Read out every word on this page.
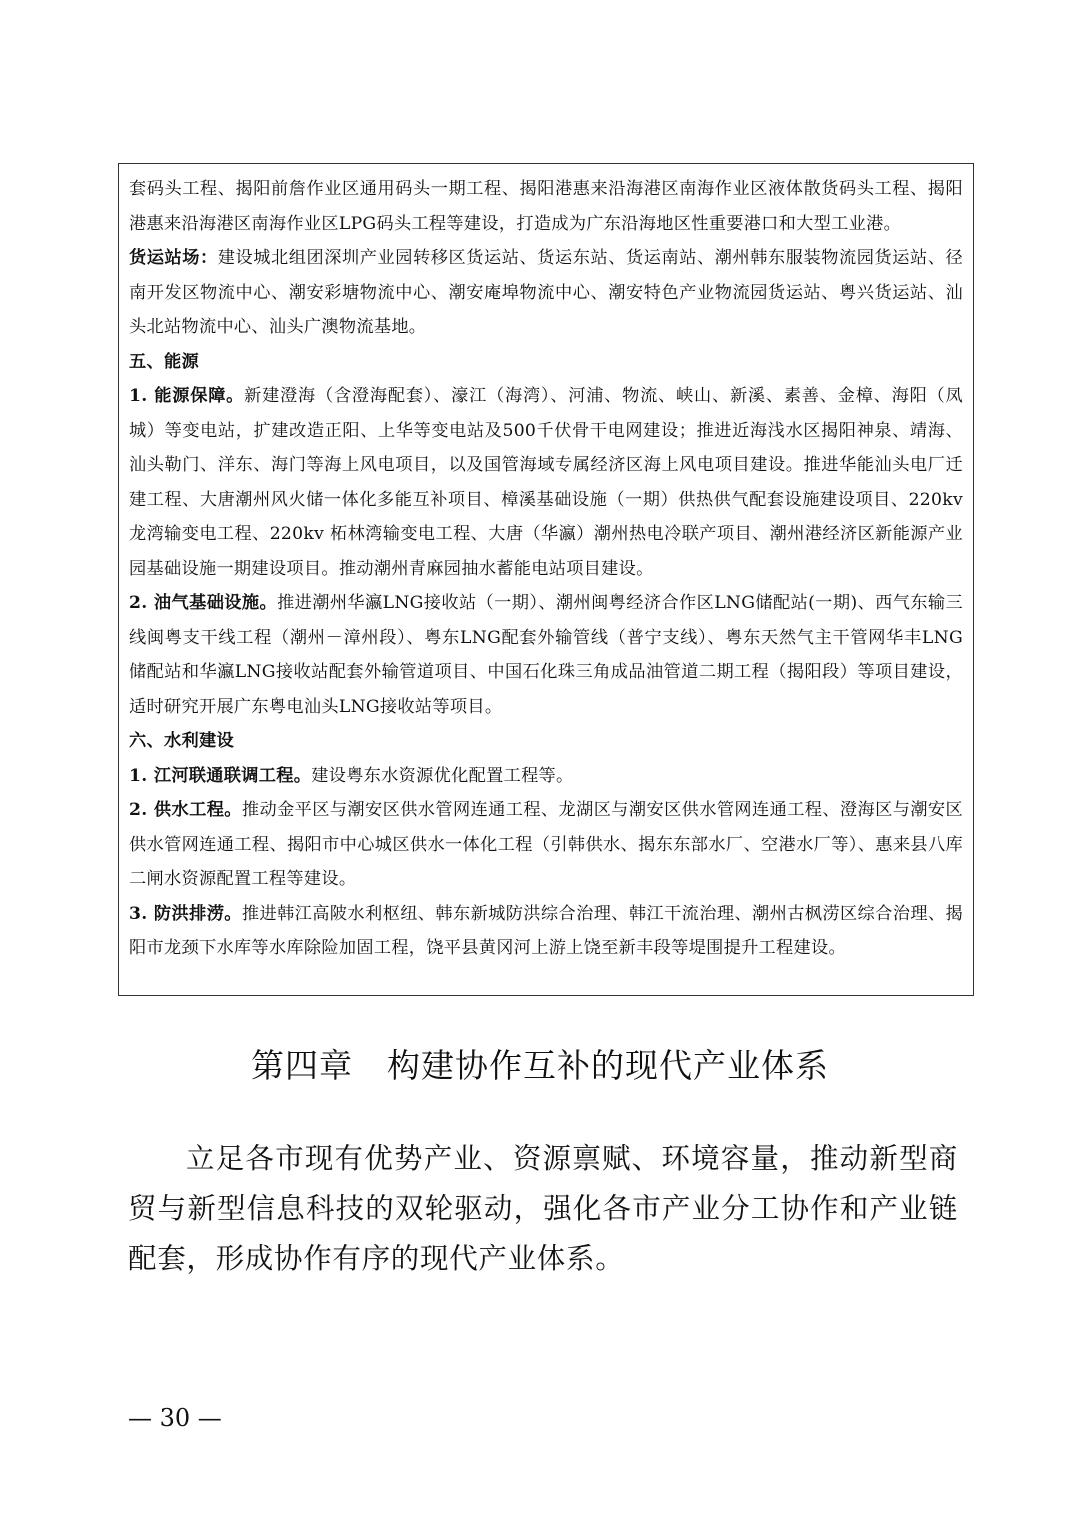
套码头工程、揭阳前詹作业区通用码头一期工程、揭阳港惠来沿海港区南海作业区液体散货码头工程、揭阳港惠来沿海港区南海作业区LPG码头工程等建设，打造成为广东沿海地区性重要港口和大型工业港。

货运站场：建设城北组团深圳产业园转移区货运站、货运东站、货运南站、潮州韩东服装物流园货运站、径南开发区物流中心、潮安彩塘物流中心、潮安庵埠物流中心、潮安特色产业物流园货运站、粤兴货运站、汕头北站物流中心、汕头广澳物流基地。

五、能源

1. 能源保障。新建澄海（含澄海配套）、濠江（海湾）、河浦、物流、峡山、新溪、素善、金樟、海阳（凤城）等变电站，扩建改造正阳、上华等变电站及500千伏骨干电网建设；推进近海浅水区揭阳神泉、靖海、汕头勒门、洋东、海门等海上风电项目，以及国管海域专属经济区海上风电项目建设。推进华能汕头电厂迁建工程、大唐潮州风火储一体化多能互补项目、樟溪基础设施（一期）供热供气配套设施建设项目、220kv 龙湾输变电工程、220kv 柘林湾输变电工程、大唐（华瀛）潮州热电冷联产项目、潮州港经济区新能源产业园基础设施一期建设项目。推动潮州青麻园抽水蓄能电站项目建设。

2. 油气基础设施。推进潮州华瀛LNG接收站（一期）、潮州闽粤经济合作区LNG储配站(一期)、西气东输三线闽粤支干线工程（潮州－漳州段）、粤东LNG配套外输管线（普宁支线）、粤东天然气主干管网华丰LNG储配站和华瀛LNG接收站配套外输管道项目、中国石化珠三角成品油管道二期工程（揭阳段）等项目建设，适时研究开展广东粤电汕头LNG接收站等项目。

六、水利建设

1. 江河联通联调工程。建设粤东水资源优化配置工程等。

2. 供水工程。推动金平区与潮安区供水管网连通工程、龙湖区与潮安区供水管网连通工程、澄海区与潮安区供水管网连通工程、揭阳市中心城区供水一体化工程（引韩供水、揭东东部水厂、空港水厂等）、惠来县八库二闸水资源配置工程等建设。

3. 防洪排涝。推进韩江高陂水利枢纽、韩东新城防洪综合治理、韩江干流治理、潮州古枫涝区综合治理、揭阳市龙颈下水库等水库除险加固工程，饶平县黄冈河上游上饶至新丰段等堤围提升工程建设。

第四章　构建协作互补的现代产业体系

立足各市现有优势产业、资源禀赋、环境容量，推动新型商贸与新型信息科技的双轮驱动，强化各市产业分工协作和产业链配套，形成协作有序的现代产业体系。

— 30 —
